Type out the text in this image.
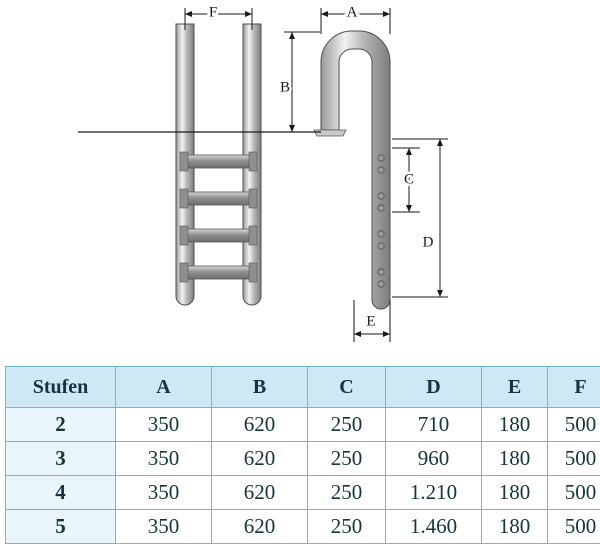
F	A
B
C
D
E
Stufen	A	B	C	D	E	F
2	350	620	250	710	180	500
3	350	620	250	960	180	500
4	350	620	250	1.210	180	500
5	350	620	250	1.460	180	500
